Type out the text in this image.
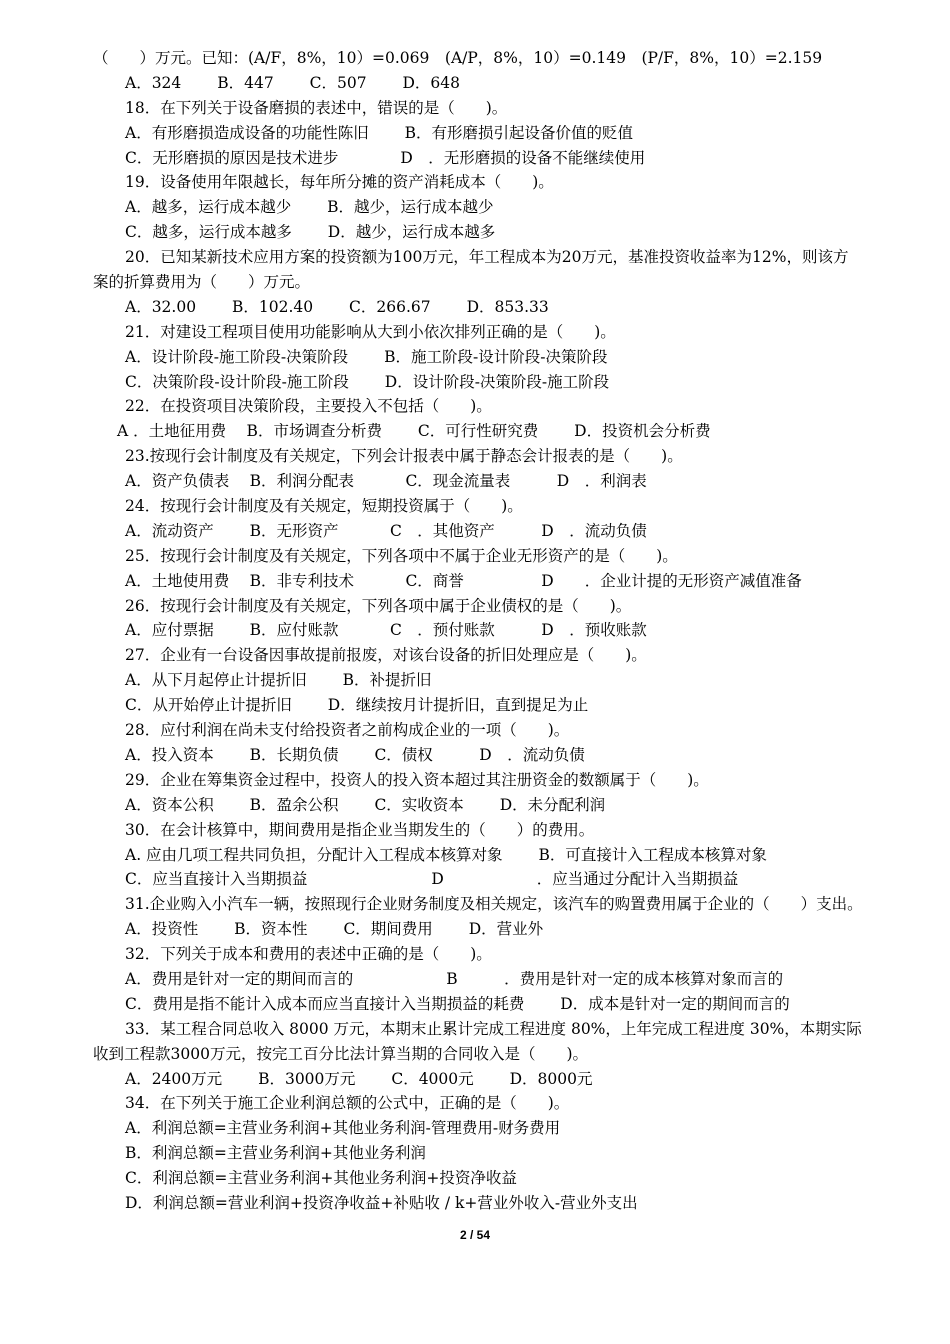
（　　）万元。已知：(A/F，8%，10）=0.069　(A/P，8%，10）=0.149　(P/F，8%，10）=2.159
A．324　　 B．447　　 C．507　　 D．648
18．在下列关于设备磨损的表述中，错误的是（　　)。
A．有形磨损造成设备的功能性陈旧　　 B．有形磨损引起设备价值的贬值
C．无形磨损的原因是技术进步　　　　D　．无形磨损的设备不能继续使用
19．设备使用年限越长，每年所分摊的资产消耗成本（　　)。
A．越多，运行成本越少　　 B．越少，运行成本越少
C．越多，运行成本越多　　 D．越少，运行成本越多
20．已知某新技术应用方案的投资额为100万元，年工程成本为20万元，基准投资收益率为12%，则该方
案的折算费用为（　　）万元。
A．32.00　　 B．102.40　　 C．266.67　　 D．853.33
21．对建设工程项目使用功能影响从大到小依次排列正确的是（　　)。
A．设计阶段-施工阶段-决策阶段　　 B．施工阶段-设计阶段-决策阶段
C．决策阶段-设计阶段-施工阶段　　 D．设计阶段-决策阶段-施工阶段
22．在投资项目决策阶段，主要投入不包括（　　)。
A ．土地征用费　 B．市场调查分析费　　 C．可行性研究费　　 D．投资机会分析费
23.按现行会计制度及有关规定，下列会计报表中属于静态会计报表的是（　　)。
A．资产负债表　 B．利润分配表　　　 C．现金流量表　　　D　．利润表
24．按现行会计制度及有关规定，短期投资属于（　　)。
A．流动资产　　 B．无形资产　　　 C　．其他资产　　　D　．流动负债
25．按现行会计制度及有关规定，下列各项中不属于企业无形资产的是（　　)。
A．土地使用费　 B．非专利技术　　　 C．商誉　　　　　D　　．企业计提的无形资产减值准备
26．按现行会计制度及有关规定，下列各项中属于企业债权的是（　　)。
A．应付票据　　 B．应付账款　　　 C　．预付账款　　　D　．预收账款
27．企业有一台设备因事故提前报废，对该台设备的折旧处理应是（　　)。
A．从下月起停止计提折旧　　 B．补提折旧
C．从开始停止计提折旧　　 D．继续按月计提折旧，直到提足为止
28．应付利润在尚未支付给投资者之前构成企业的一项（　　)。
A．投入资本　　 B．长期负债　　 C．债权　　　D　．流动负债
29．企业在筹集资金过程中，投资人的投入资本超过其注册资金的数额属于（　　)。
A．资本公积　　 B．盈余公积　　 C．实收资本　　 D．未分配利润
30．在会计核算中，期间费用是指企业当期发生的（　　）的费用。
A. 应由几项工程共同负担，分配计入工程成本核算对象　　 B．可直接计入工程成本核算对象
C．应当直接计入当期损益　　　　　　　　D　　　　　　．应当通过分配计入当期损益
31.企业购入小汽车一辆，按照现行企业财务制度及相关规定，该汽车的购置费用属于企业的（　　）支出。
A．投资性　　 B．资本性　　 C．期间费用　　 D．营业外
32．下列关于成本和费用的表述中正确的是（　　)。
A．费用是针对一定的期间而言的　　　　　　B　　　．费用是针对一定的成本核算对象而言的
C．费用是指不能计入成本而应当直接计入当期损益的耗费　　 D．成本是针对一定的期间而言的
33．某工程合同总收入 8000 万元，本期末止累计完成工程进度 80%，上年完成工程进度 30%，本期实际
收到工程款3000万元，按完工百分比法计算当期的合同收入是（　　)。
A．2400万元　　 B．3000万元　　 C．4000元　　 D．8000元
34．在下列关于施工企业利润总额的公式中，正确的是（　　)。
A．利润总额=主营业务利润+其他业务利润-管理费用-财务费用
B．利润总额=主营业务利润+其他业务利润
C．利润总额=主营业务利润+其他业务利润+投资净收益
D．利润总额=营业利润+投资净收益+补贴收 / k+营业外收入-营业外支出
2 / 54
